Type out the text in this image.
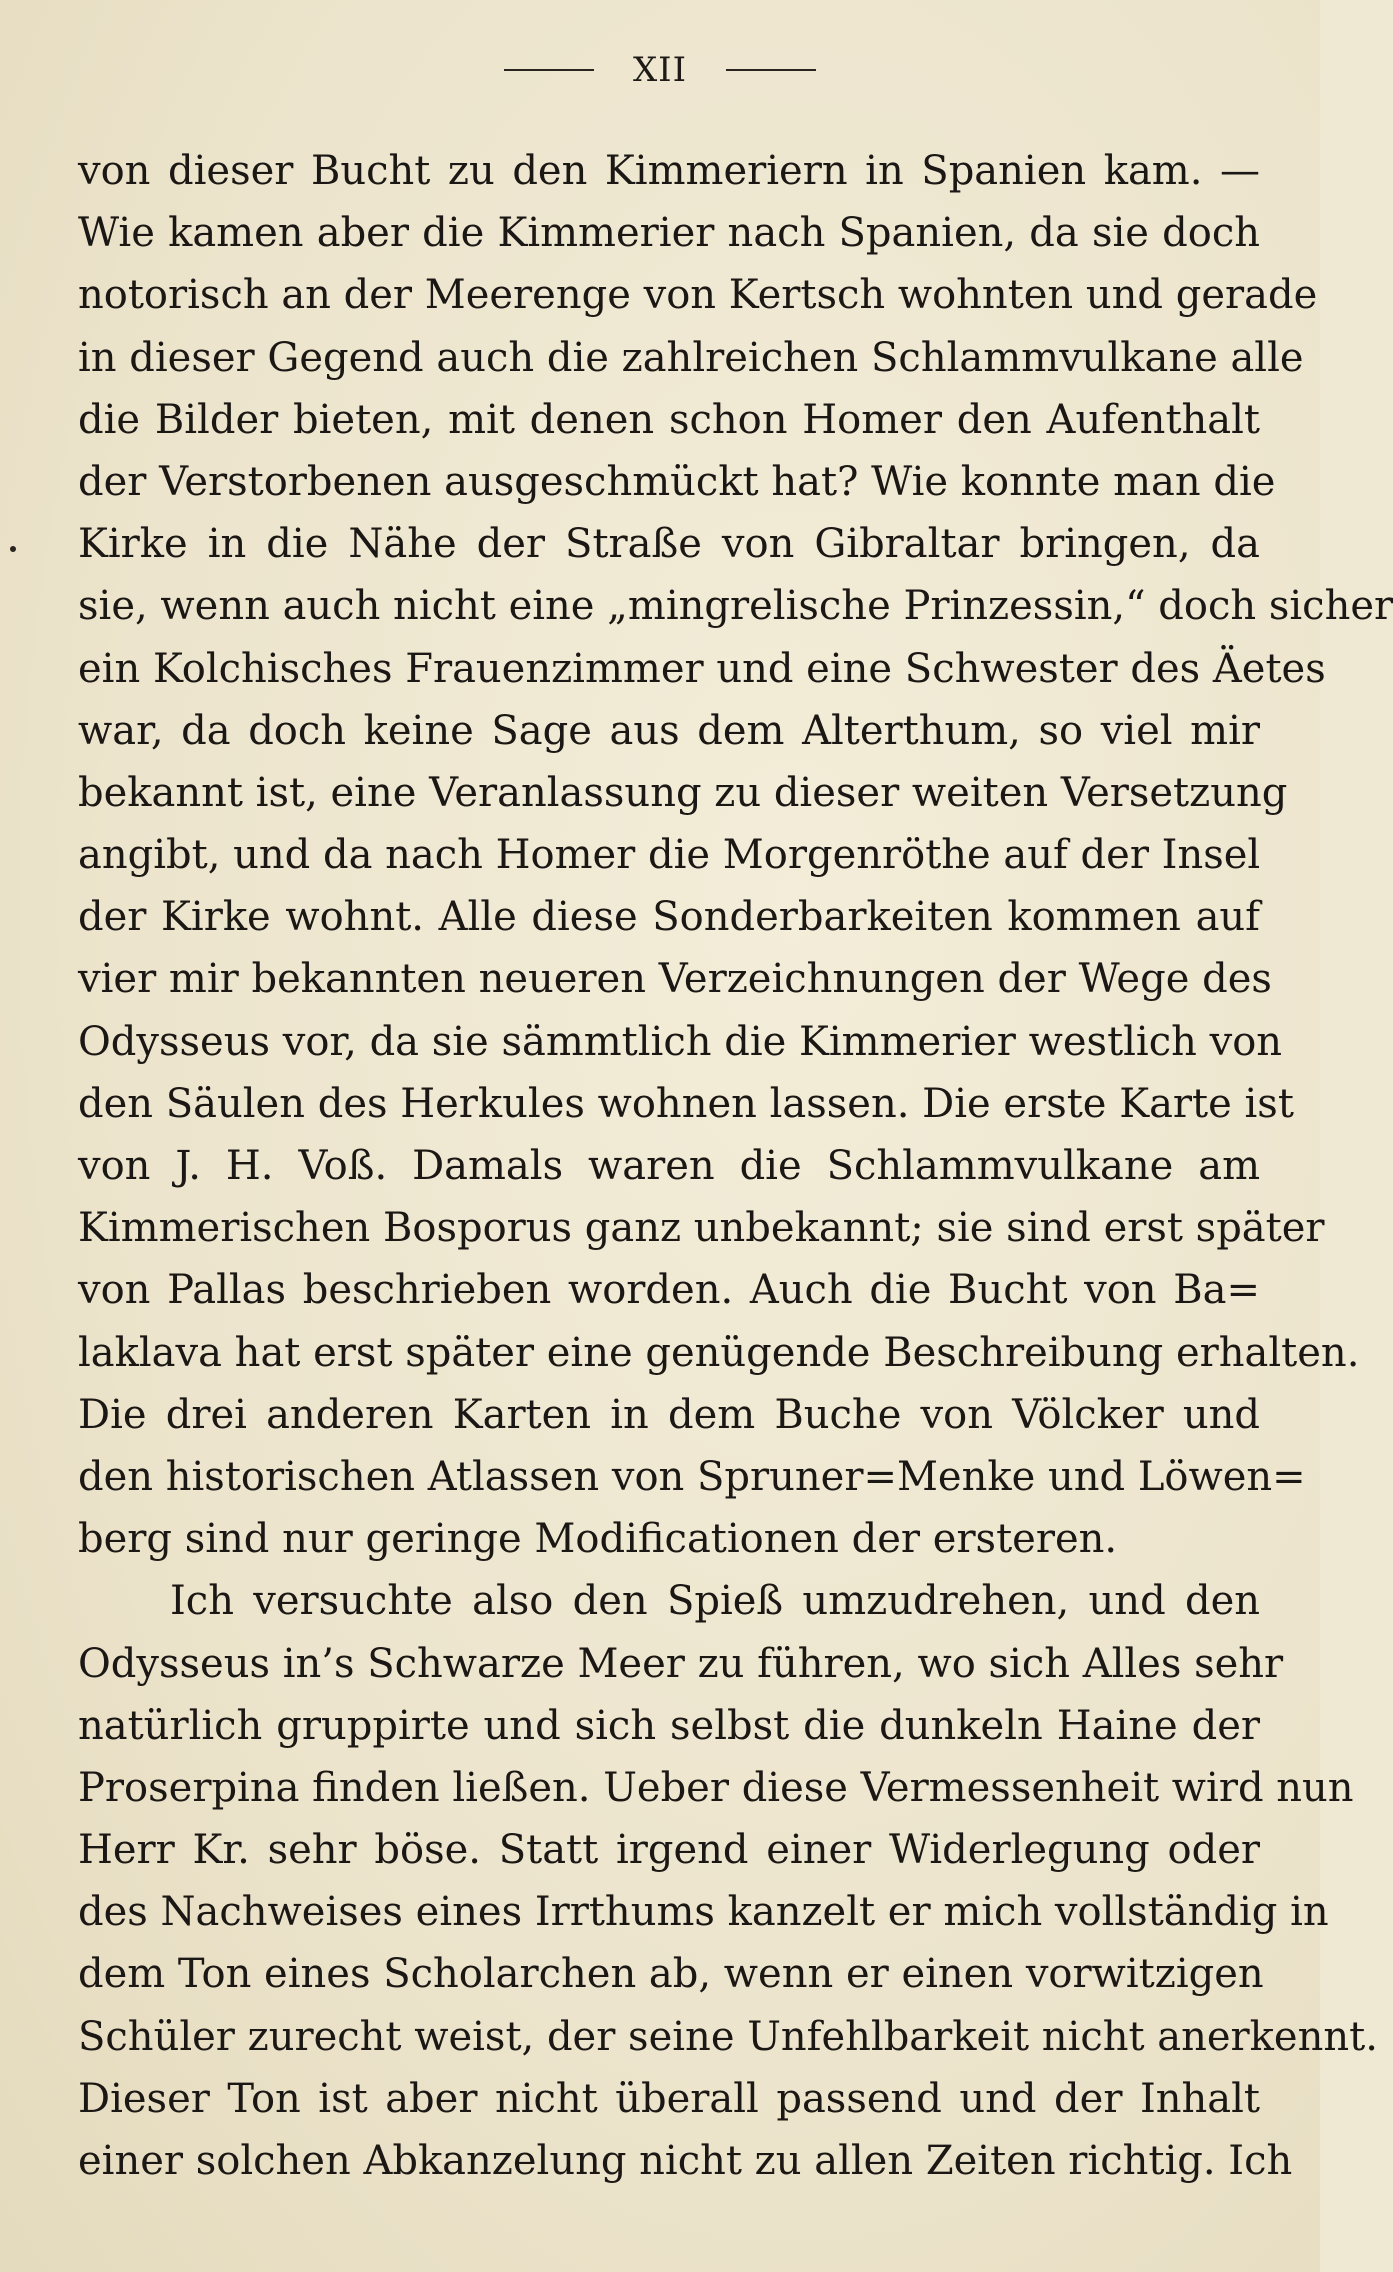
XII
von dieser Bucht zu den Kimmeriern in Spanien kam. —
Wie kamen aber die Kimmerier nach Spanien, da sie doch
notorisch an der Meerenge von Kertsch wohnten und gerade
in dieser Gegend auch die zahlreichen Schlammvulkane alle
die Bilder bieten, mit denen schon Homer den Aufenthalt
der Verstorbenen ausgeschmückt hat? Wie konnte man die
Kirke in die Nähe der Straße von Gibraltar bringen, da
sie, wenn auch nicht eine „mingrelische Prinzessin,“ doch sicher
ein Kolchisches Frauenzimmer und eine Schwester des Äetes
war, da doch keine Sage aus dem Alterthum, so viel mir
bekannt ist, eine Veranlassung zu dieser weiten Versetzung
angibt, und da nach Homer die Morgenröthe auf der Insel
der Kirke wohnt. Alle diese Sonderbarkeiten kommen auf
vier mir bekannten neueren Verzeichnungen der Wege des
Odysseus vor, da sie sämmtlich die Kimmerier westlich von
den Säulen des Herkules wohnen lassen. Die erste Karte ist
von J. H. Voß. Damals waren die Schlammvulkane am
Kimmerischen Bosporus ganz unbekannt; sie sind erst später
von Pallas beschrieben worden. Auch die Bucht von Ba=
laklava hat erst später eine genügende Beschreibung erhalten.
Die drei anderen Karten in dem Buche von Völcker und
den historischen Atlassen von Spruner=Menke und Löwen=
berg sind nur geringe Modificationen der ersteren.
Ich versuchte also den Spieß umzudrehen, und den
Odysseus in’s Schwarze Meer zu führen, wo sich Alles sehr
natürlich gruppirte und sich selbst die dunkeln Haine der
Proserpina finden ließen. Ueber diese Vermessenheit wird nun
Herr Kr. sehr böse. Statt irgend einer Widerlegung oder
des Nachweises eines Irrthums kanzelt er mich vollständig in
dem Ton eines Scholarchen ab, wenn er einen vorwitzigen
Schüler zurecht weist, der seine Unfehlbarkeit nicht anerkennt.
Dieser Ton ist aber nicht überall passend und der Inhalt
einer solchen Abkanzelung nicht zu allen Zeiten richtig. Ich
